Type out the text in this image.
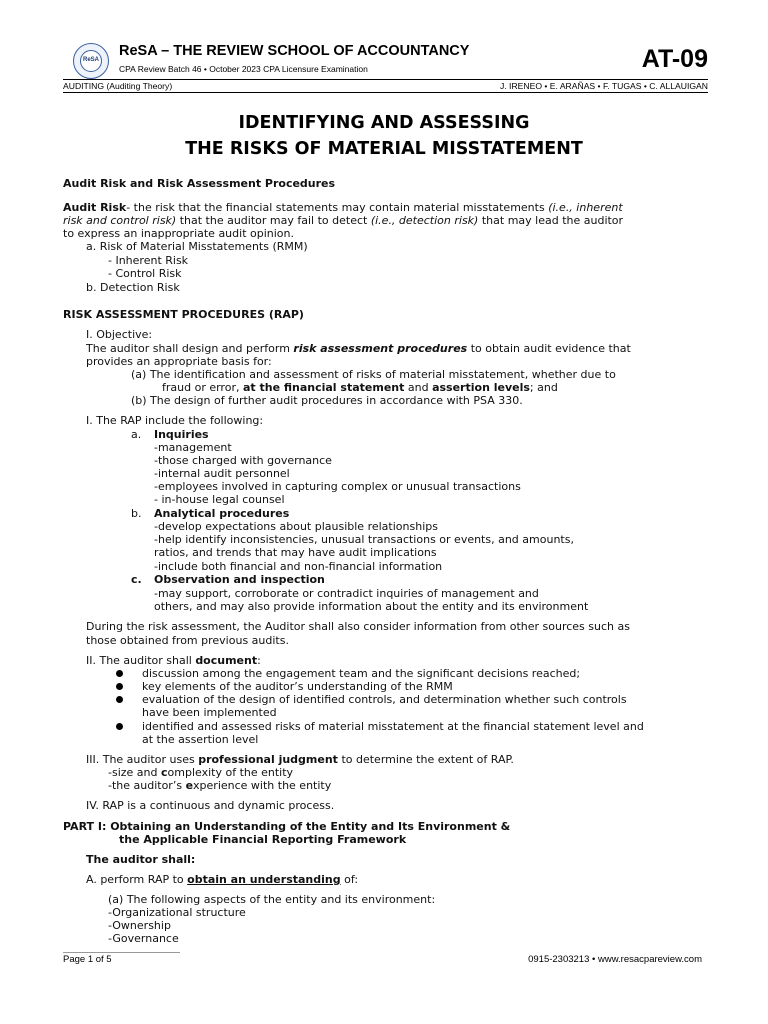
ReSA
ReSA – THE REVIEW SCHOOL OF ACCOUNTANCY
CPA Review Batch 46 • October 2023 CPA Licensure Examination	AT-09
AUDITING (Auditing Theory)	J. IRENEO • E. ARAÑAS • F. TUGAS • C. ALLAUIGAN
IDENTIFYING AND ASSESSING
THE RISKS OF MATERIAL MISSTATEMENT
Audit Risk and Risk Assessment Procedures
Audit Risk- the risk that the financial statements may contain material misstatements (i.e., inherent
risk and control risk) that the auditor may fail to detect (i.e., detection risk) that may lead the auditor
to express an inappropriate audit opinion.
a. Risk of Material Misstatements (RMM)
- Inherent Risk
- Control Risk
b. Detection Risk
RISK ASSESSMENT PROCEDURES (RAP)
I. Objective:
The auditor shall design and perform risk assessment procedures to obtain audit evidence that
provides an appropriate basis for:
(a) The identification and assessment of risks of material misstatement, whether due to
fraud or error, at the financial statement and assertion levels; and
(b) The design of further audit procedures in accordance with PSA 330.
I. The RAP include the following:
a. Inquiries
-management
-those charged with governance
-internal audit personnel
-employees involved in capturing complex or unusual transactions
- in-house legal counsel
b. Analytical procedures
-develop expectations about plausible relationships
-help identify inconsistencies, unusual transactions or events, and amounts,
ratios, and trends that may have audit implications
-include both financial and non-financial information
c. Observation and inspection
-may support, corroborate or contradict inquiries of management and
others, and may also provide information about the entity and its environment
During the risk assessment, the Auditor shall also consider information from other sources such as
those obtained from previous audits.
II. The auditor shall document:
discussion among the engagement team and the significant decisions reached;
key elements of the auditor’s understanding of the RMM
evaluation of the design of identified controls, and determination whether such controls
have been implemented
identified and assessed risks of material misstatement at the financial statement level and
at the assertion level
III. The auditor uses professional judgment to determine the extent of RAP.
-size and complexity of the entity
-the auditor’s experience with the entity
IV. RAP is a continuous and dynamic process.
PART I: Obtaining an Understanding of the Entity and Its Environment &
the Applicable Financial Reporting Framework
The auditor shall:
A. perform RAP to obtain an understanding of:
(a) The following aspects of the entity and its environment:
-Organizational structure
-Ownership
-Governance
Page 1 of 5	0915-2303213 • www.resacpareview.com
